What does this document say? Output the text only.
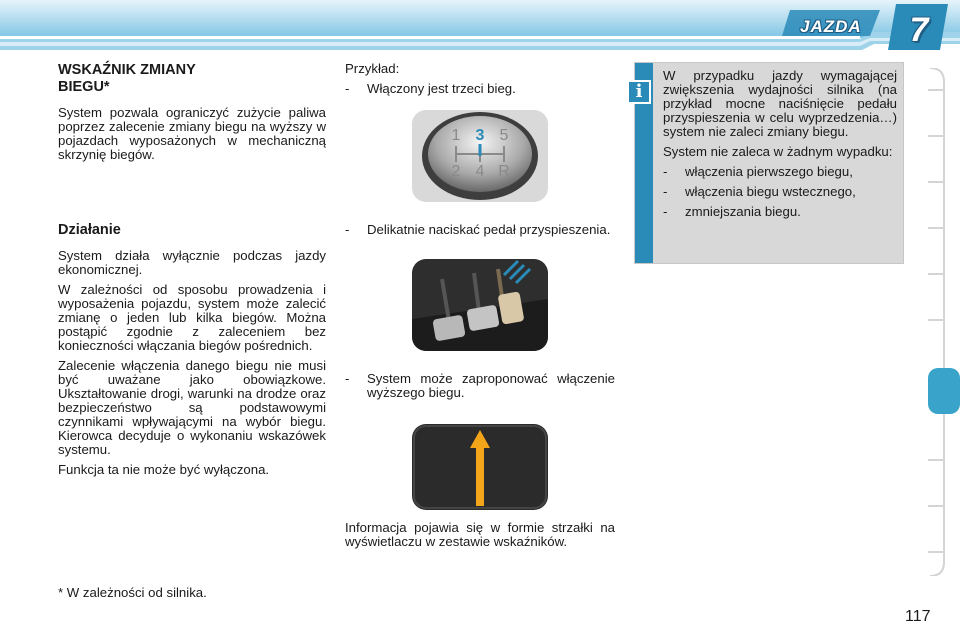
JAZDA 7
WSKAŹNIK ZMIANY
BIEGU*

System pozwala ograniczyć zużycie paliwa poprzez zalecenie zmiany biegu na wyższy w pojazdach wyposażonych w mechaniczną skrzynię biegów.

Działanie

System działa wyłącznie podczas jazdy ekonomicznej.

W zależności od sposobu prowadzenia i wyposażenia pojazdu, system może zalecić zmianę o jeden lub kilka biegów. Można postąpić zgodnie z zaleceniem bez konieczności włączania biegów pośrednich.

Zalecenie włączenia danego biegu nie musi być uważane jako obowiązkowe. Ukształtowanie drogi, warunki na drodze oraz bezpieczeństwo są podstawowymi czynnikami wpływającymi na wybór biegu. Kierowca decyduje o wykonaniu wskazówek systemu.

Funkcja ta nie może być wyłączona.

* W zależności od silnika.

Przykład:

- Włączony jest trzeci bieg.
1 3 5
2 4 R
- Delikatnie naciskać pedał przyspieszenia.
- System może zaproponować włączenie wyższego biegu.

Informacja pojawia się w formie strzałki na wyświetlaczu w zestawie wskaźników.

W przypadku jazdy wymagającej zwiększenia wydajności silnika (na przykład mocne naciśnięcie pedału przyspieszenia w celu wyprzedzenia…) system nie zaleci zmiany biegu.

System nie zaleca w żadnym wypadku:

- włączenia pierwszego biegu,
- włączenia biegu wstecznego,
- zmniejszania biegu.
i
117
